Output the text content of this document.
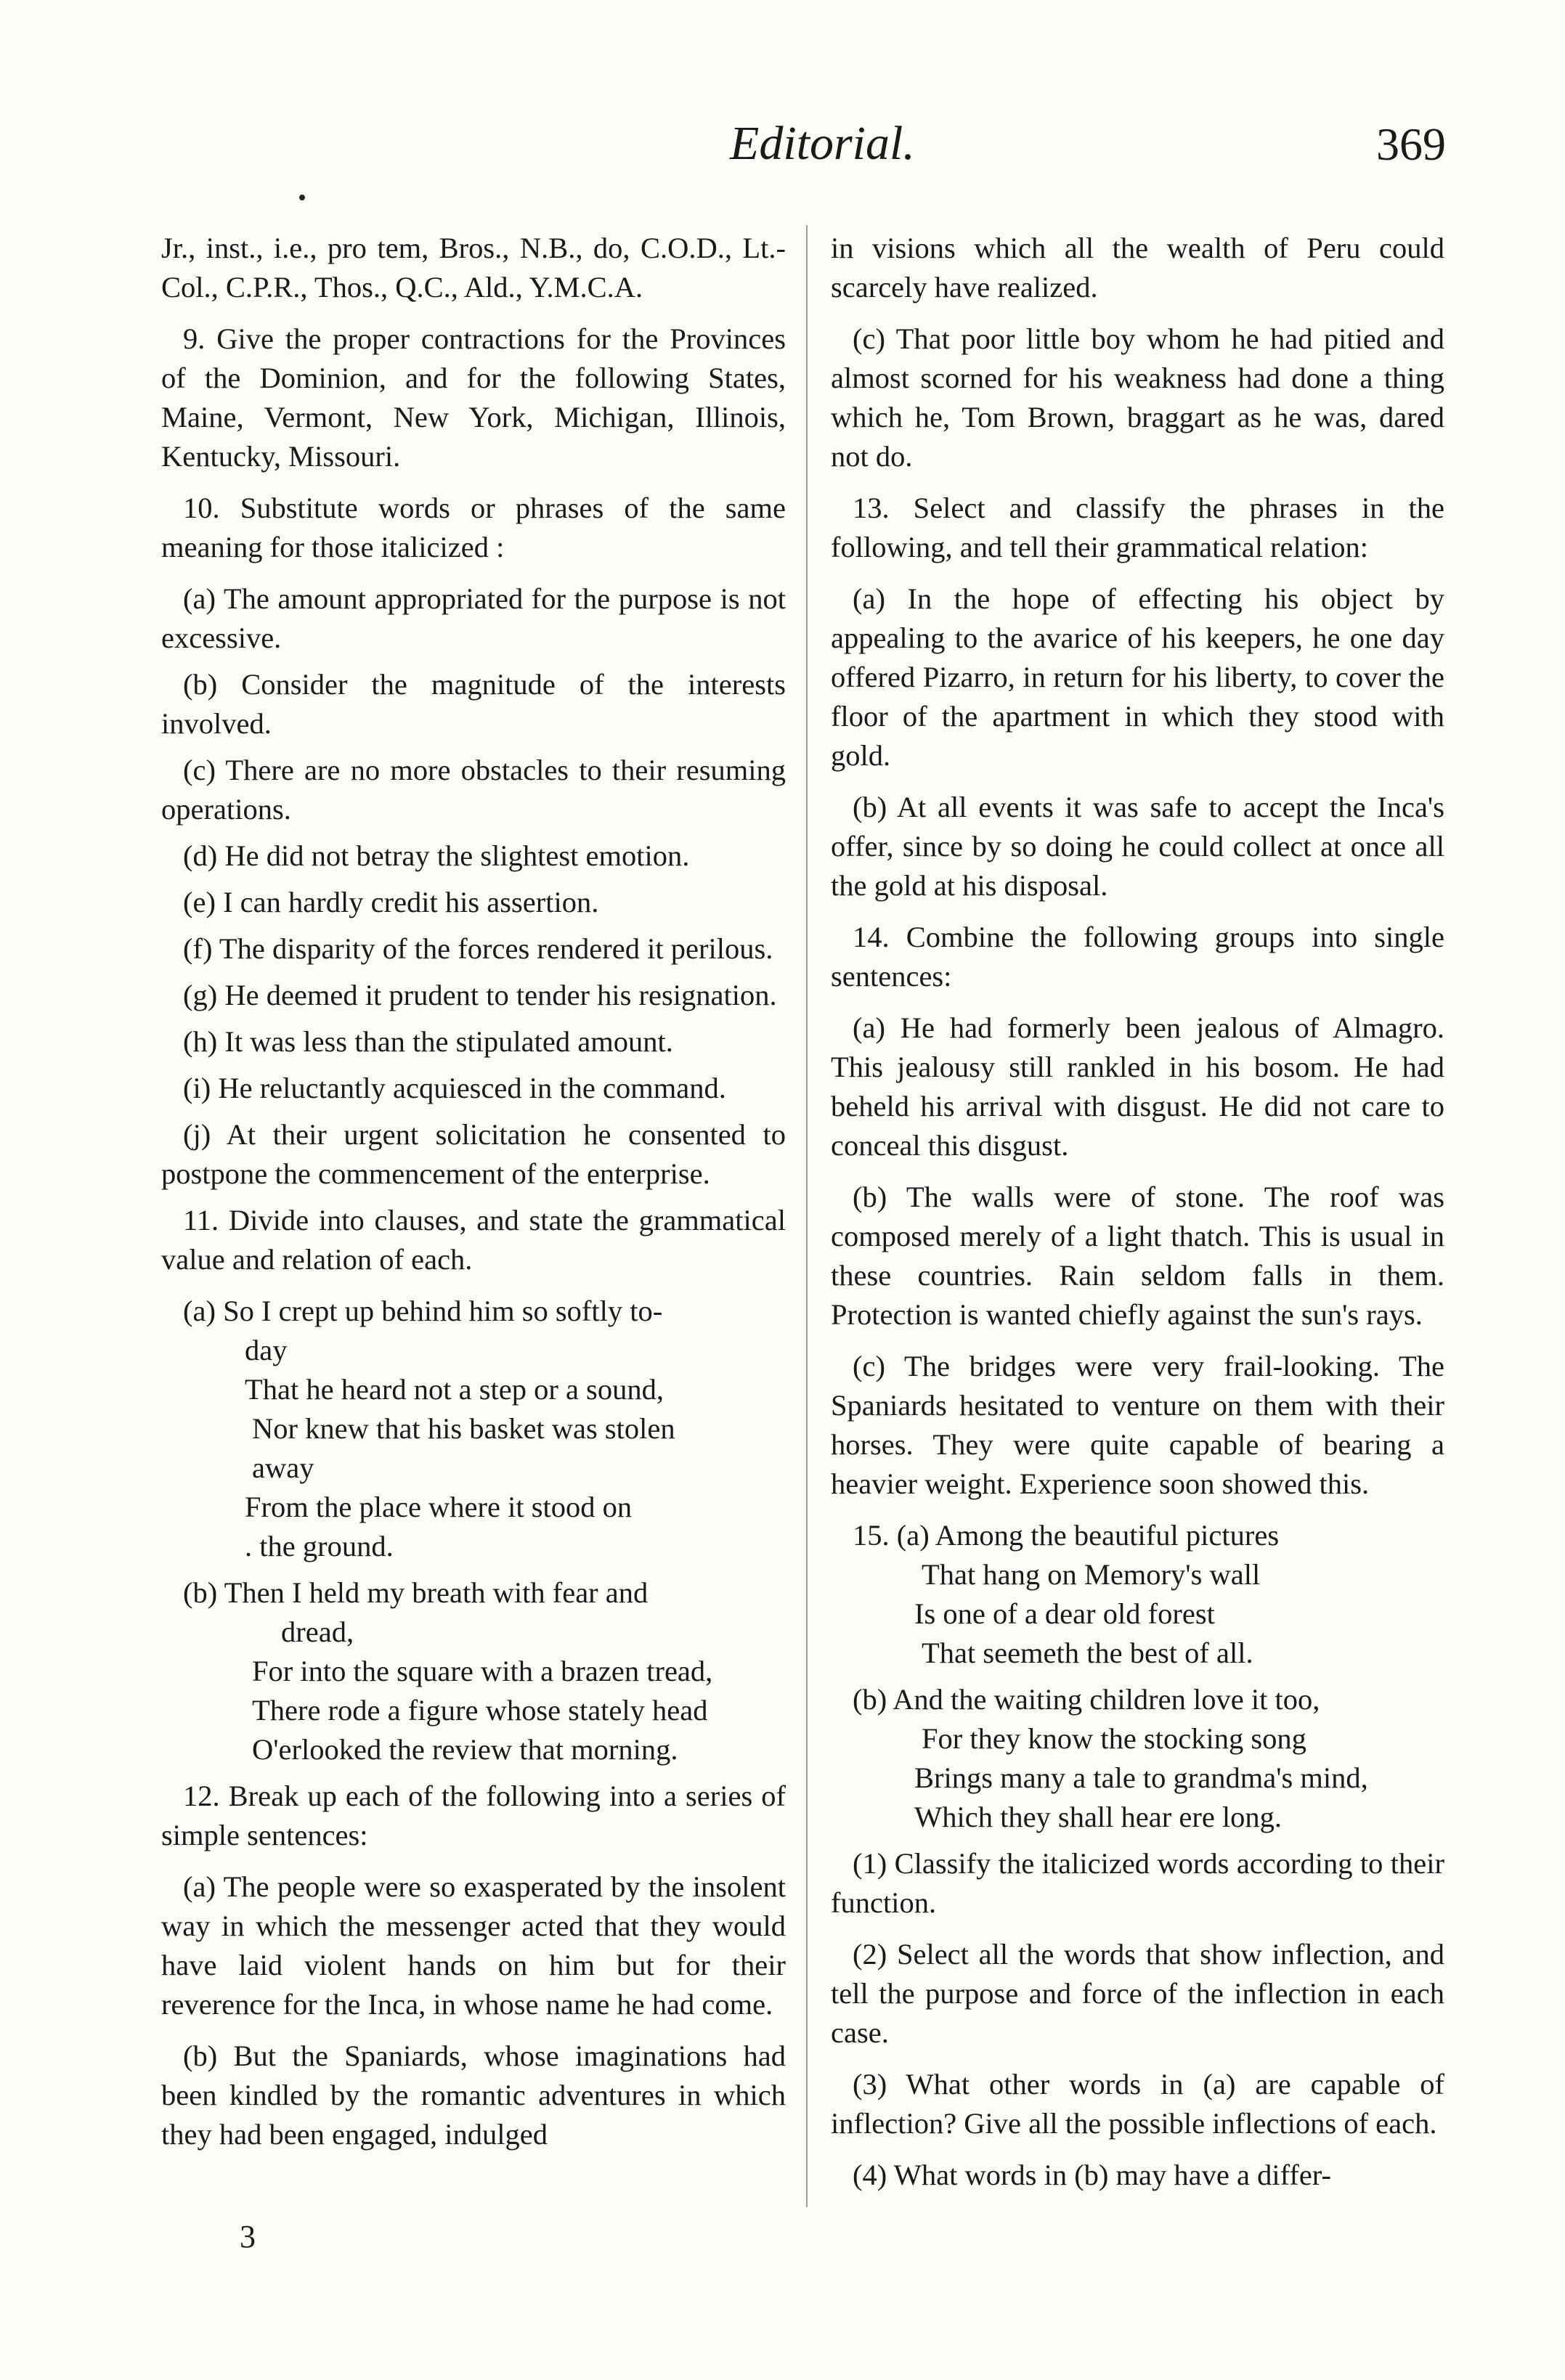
Editorial.	369

Jr., inst., i.e., pro tem, Bros., N.B., do, C.O.D., Lt.-Col., C.P.R., Thos., Q.C., Ald., Y.M.C.A.

9. Give the proper contractions for the Provinces of the Dominion, and for the following States, Maine, Vermont, New York, Michigan, Illinois, Kentucky, Missouri.

10. Substitute words or phrases of the same meaning for those italicized :

(a) The amount appropriated for the purpose is not excessive.

(b) Consider the magnitude of the interests involved.

(c) There are no more obstacles to their resuming operations.

(d) He did not betray the slightest emotion.

(e) I can hardly credit his assertion.

(f) The disparity of the forces rendered it perilous.

(g) He deemed it prudent to tender his resignation.

(h) It was less than the stipulated amount.

(i) He reluctantly acquiesced in the command.

(j) At their urgent solicitation he consented to postpone the commencement of the enterprise.

11. Divide into clauses, and state the grammatical value and relation of each.

(a) So I crept up behind him so softly to-
day
That he heard not a step or a sound,
Nor knew that his basket was stolen
away
From the place where it stood on
. the ground.
(b) Then I held my breath with fear and
dread,
For into the square with a brazen tread,
There rode a figure whose stately head
O'erlooked the review that morning.

12. Break up each of the following into a series of simple sentences:

(a) The people were so exasperated by the insolent way in which the messenger acted that they would have laid violent hands on him but for their reverence for the Inca, in whose name he had come.

(b) But the Spaniards, whose imaginations had been kindled by the romantic adventures in which they had been engaged, indulged

3

in visions which all the wealth of Peru could scarcely have realized.

(c) That poor little boy whom he had pitied and almost scorned for his weakness had done a thing which he, Tom Brown, braggart as he was, dared not do.

13. Select and classify the phrases in the following, and tell their grammatical relation:

(a) In the hope of effecting his object by appealing to the avarice of his keepers, he one day offered Pizarro, in return for his liberty, to cover the floor of the apartment in which they stood with gold.

(b) At all events it was safe to accept the Inca's offer, since by so doing he could collect at once all the gold at his disposal.

14. Combine the following groups into single sentences:

(a) He had formerly been jealous of Almagro. This jealousy still rankled in his bosom. He had beheld his arrival with disgust. He did not care to conceal this disgust.

(b) The walls were of stone. The roof was composed merely of a light thatch. This is usual in these countries. Rain seldom falls in them. Protection is wanted chiefly against the sun's rays.

(c) The bridges were very frail-looking. The Spaniards hesitated to venture on them with their horses. They were quite capable of bearing a heavier weight. Experience soon showed this.

15. (a) Among the beautiful pictures
That hang on Memory's wall
Is one of a dear old forest
That seemeth the best of all.
(b) And the waiting children love it too,
For they know the stocking song
Brings many a tale to grandma's mind,
Which they shall hear ere long.

(1) Classify the italicized words according to their function.

(2) Select all the words that show inflection, and tell the purpose and force of the inflection in each case.

(3) What other words in (a) are capable of inflection? Give all the possible inflections of each.

(4) What words in (b) may have a differ-
